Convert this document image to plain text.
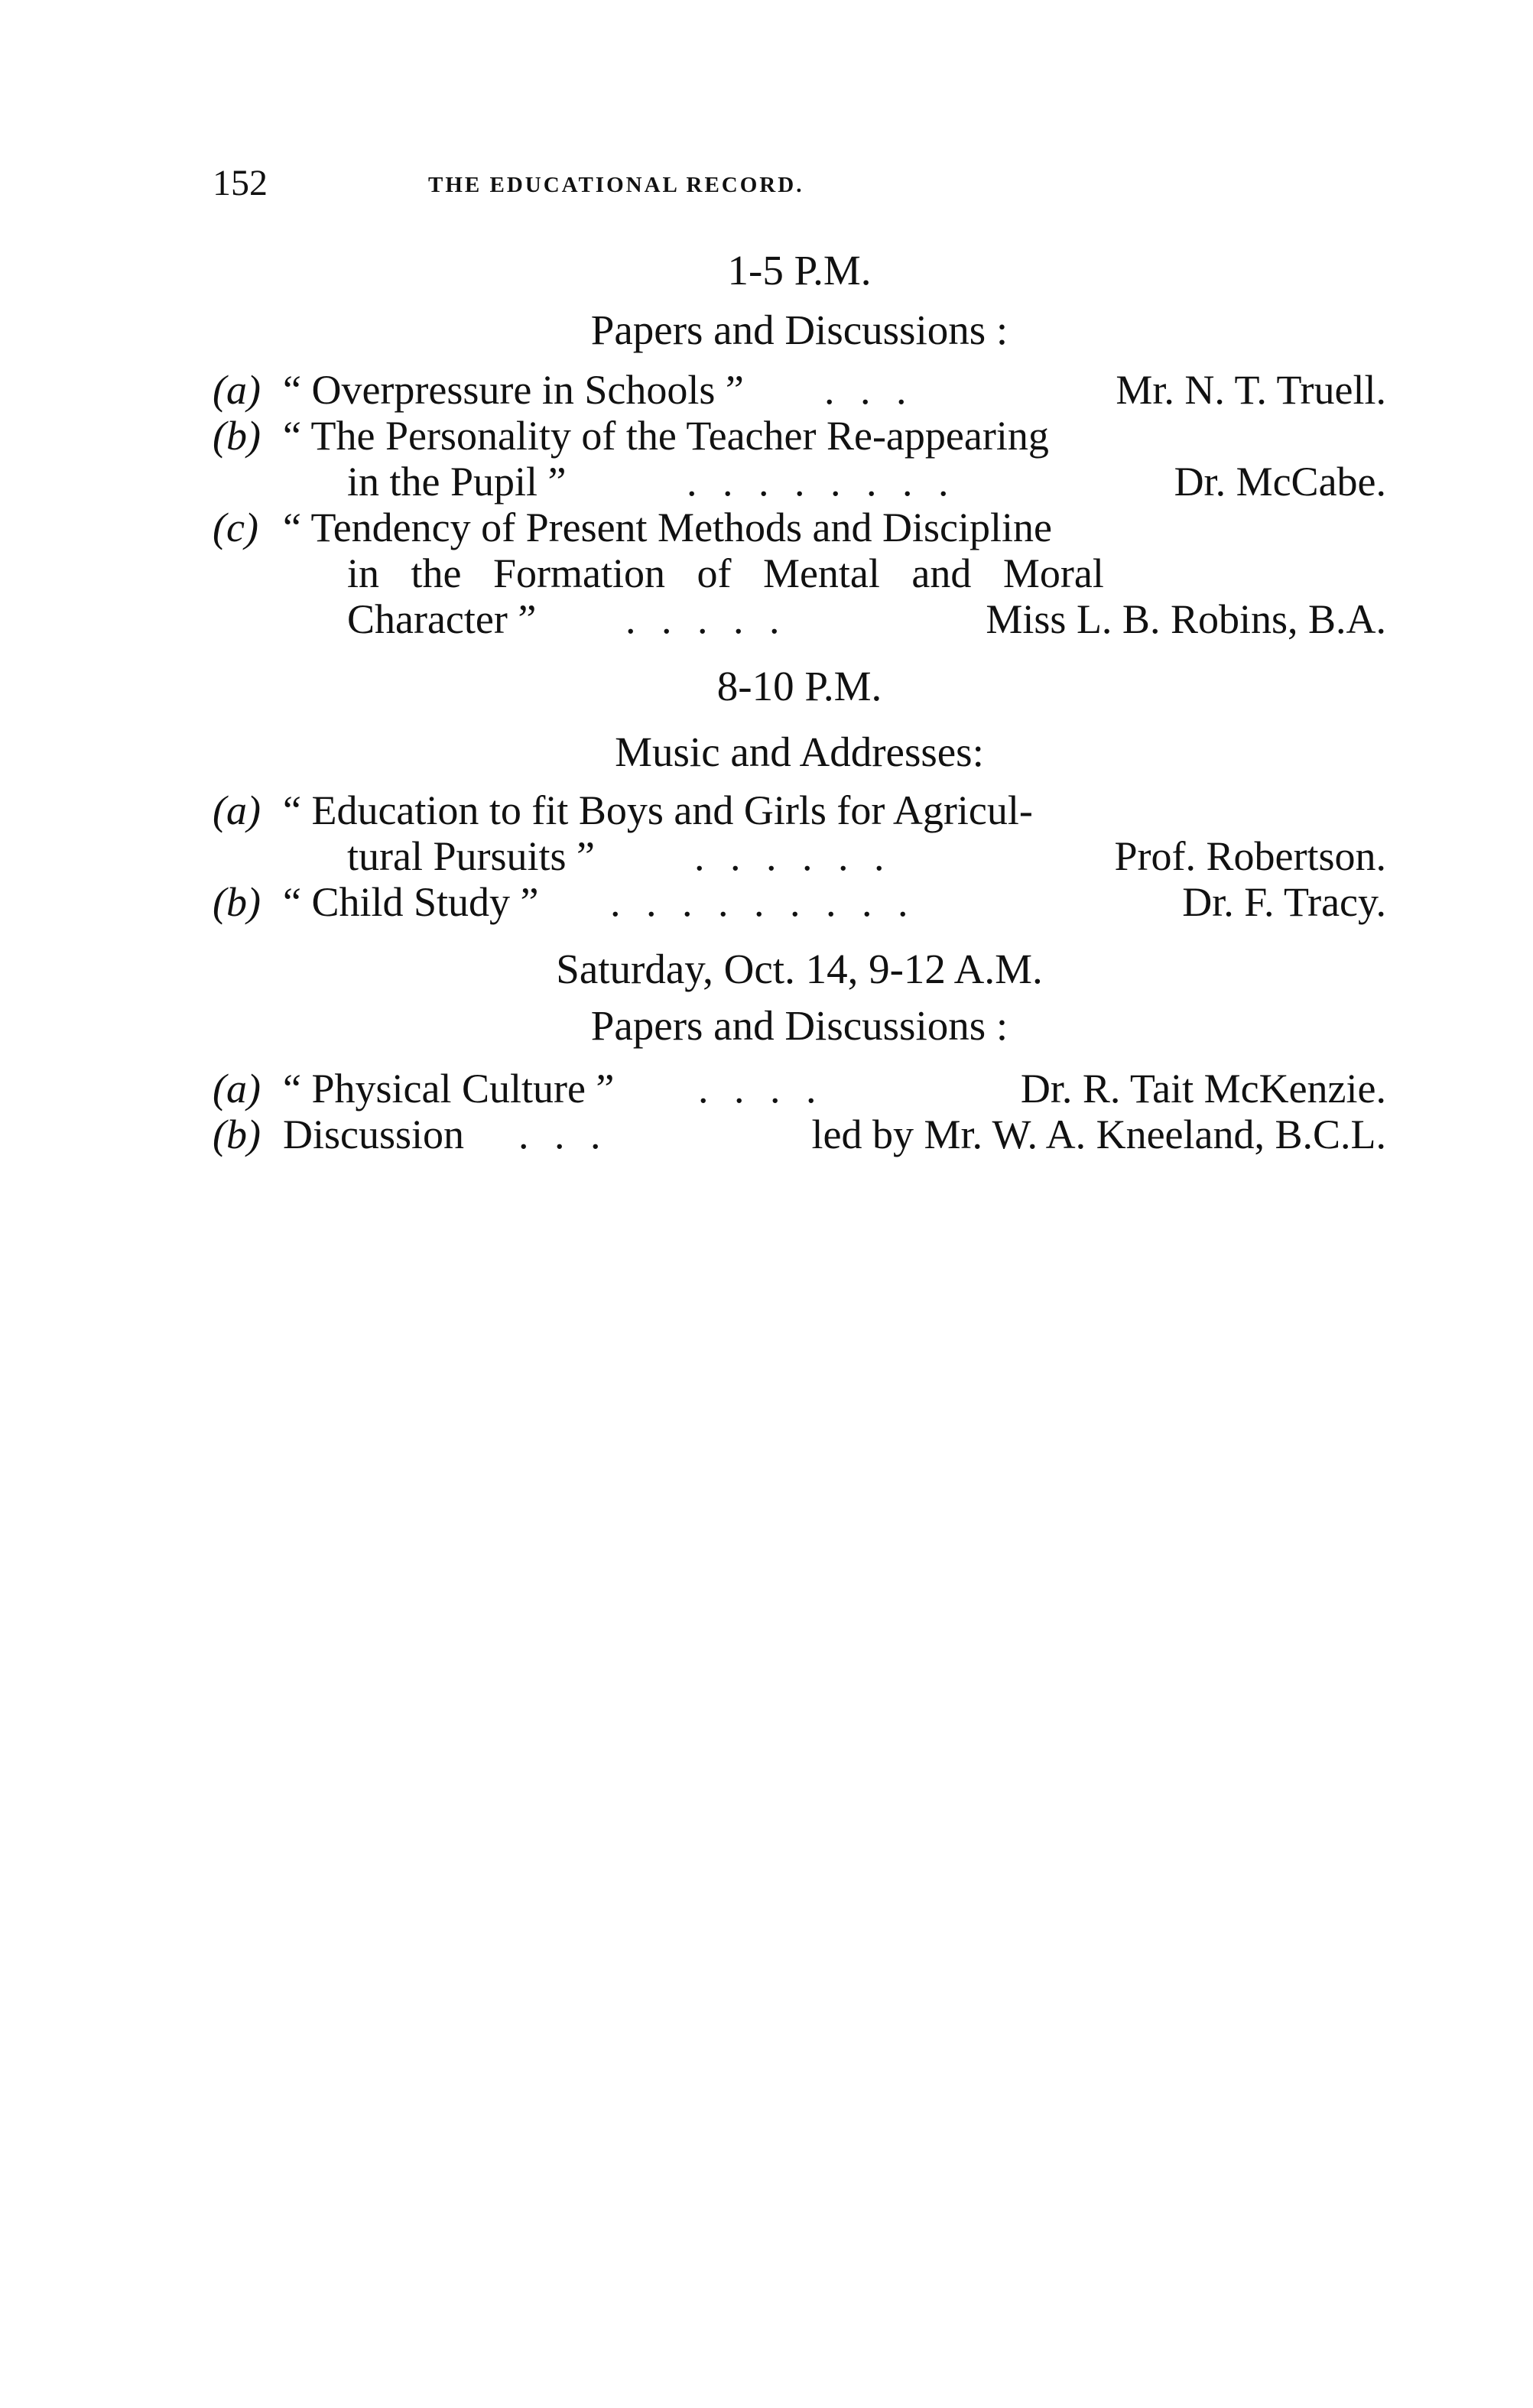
152	THE EDUCATIONAL RECORD.
1-5 P.M.
Papers and Discussions :
(a) “ Overpressure in Schools ” . . .	Mr. N. T. Truell.
(b) “ The Personality of the Teacher Re-appearing
in the Pupil ”	. . . . . . . .	Dr. McCabe.
(c) “ Tendency of Present Methods and Discipline
in the Formation of Mental and Moral
Character ” . . . . .	Miss L. B. Robins, B.A.
8-10 P.M.
Music and Addresses:
(a) “ Education to fit Boys and Girls for Agricul-
tural Pursuits ” . . . . . .	Prof. Robertson.
(b) “ Child Study ” . . . . . . . . .	Dr. F. Tracy.
Saturday, Oct. 14, 9-12 A.M.
Papers and Discussions :
(a) “ Physical Culture ” . . . .	Dr. R. Tait McKenzie.
(b) Discussion . . .	led by Mr. W. A. Kneeland, B.C.L.
